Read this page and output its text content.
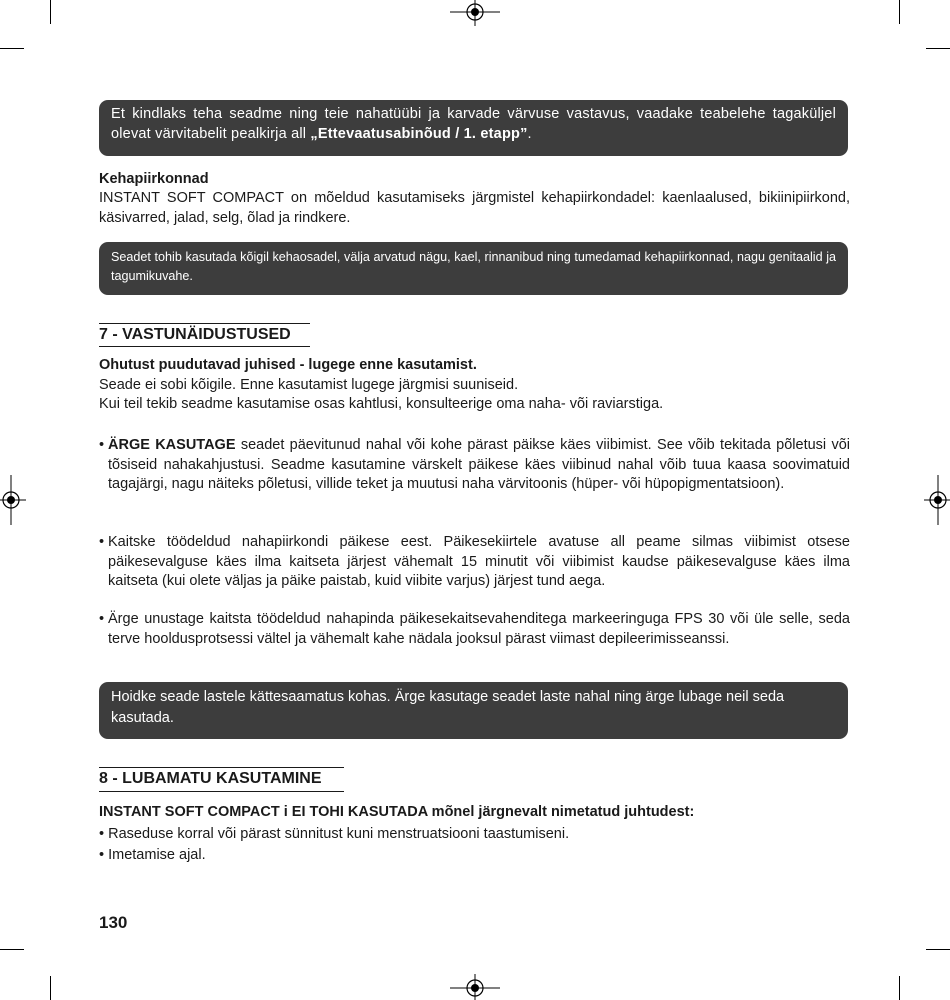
Et kindlaks teha seadme ning teie nahatüübi ja karvade värvuse vastavus, vaadake teabelehe tagaküljel olevat värvitabelit pealkirja all „Ettevaatusabinõud / 1. etapp”.

Kehapiirkonnad
INSTANT SOFT COMPACT on mõeldud kasutamiseks järgmistel kehapiirkondadel: kaenlaalused, bikiinipiirkond, käsivarred, jalad, selg, õlad ja rindkere.

Seadet tohib kasutada kõigil kehaosadel, välja arvatud nägu, kael, rinnanibud ning tumedamad kehapiirkonnad, nagu genitaalid ja tagumikuvahe.

7 - VASTUNÄIDUSTUSED
Ohutust puudutavad juhised - lugege enne kasutamist.
Seade ei sobi kõigile. Enne kasutamist lugege järgmisi suuniseid.
Kui teil tekib seadme kasutamise osas kahtlusi, konsulteerige oma naha- või raviarstiga.
• ÄRGE KASUTAGE seadet päevitunud nahal või kohe pärast päikse käes viibimist. See võib tekitada põletusi või tõsiseid nahakahjustusi. Seadme kasutamine värskelt päikese käes viibinud nahal võib tuua kaasa soovimatuid tagajärgi, nagu näiteks põletusi, villide teket ja muutusi naha värvitoonis (hüper- või hüpopigmentatsioon).
• Kaitske töödeldud nahapiirkondi päikese eest. Päikesekiirtele avatuse all peame silmas viibimist otsese päikesevalguse käes ilma kaitseta järjest vähemalt 15 minutit või viibimist kaudse päikesevalguse käes ilma kaitseta (kui olete väljas ja päike paistab, kuid viibite varjus) järjest tund aega.
• Ärge unustage kaitsta töödeldud nahapinda päikesekaitsevahenditega markeeringuga FPS 30 või üle selle, seda terve hooldusprotsessi vältel ja vähemalt kahe nädala jooksul pärast viimast depileerimisseanssi.

Hoidke seade lastele kättesaamatus kohas. Ärge kasutage seadet laste nahal ning ärge lubage neil seda kasutada.

8 - LUBAMATU KASUTAMINE
INSTANT SOFT COMPACT i EI TOHI KASUTADA mõnel järgnevalt nimetatud juhtudest:
• Raseduse korral või pärast sünnitust kuni menstruatsiooni taastumiseni.
• Imetamise ajal.
130
